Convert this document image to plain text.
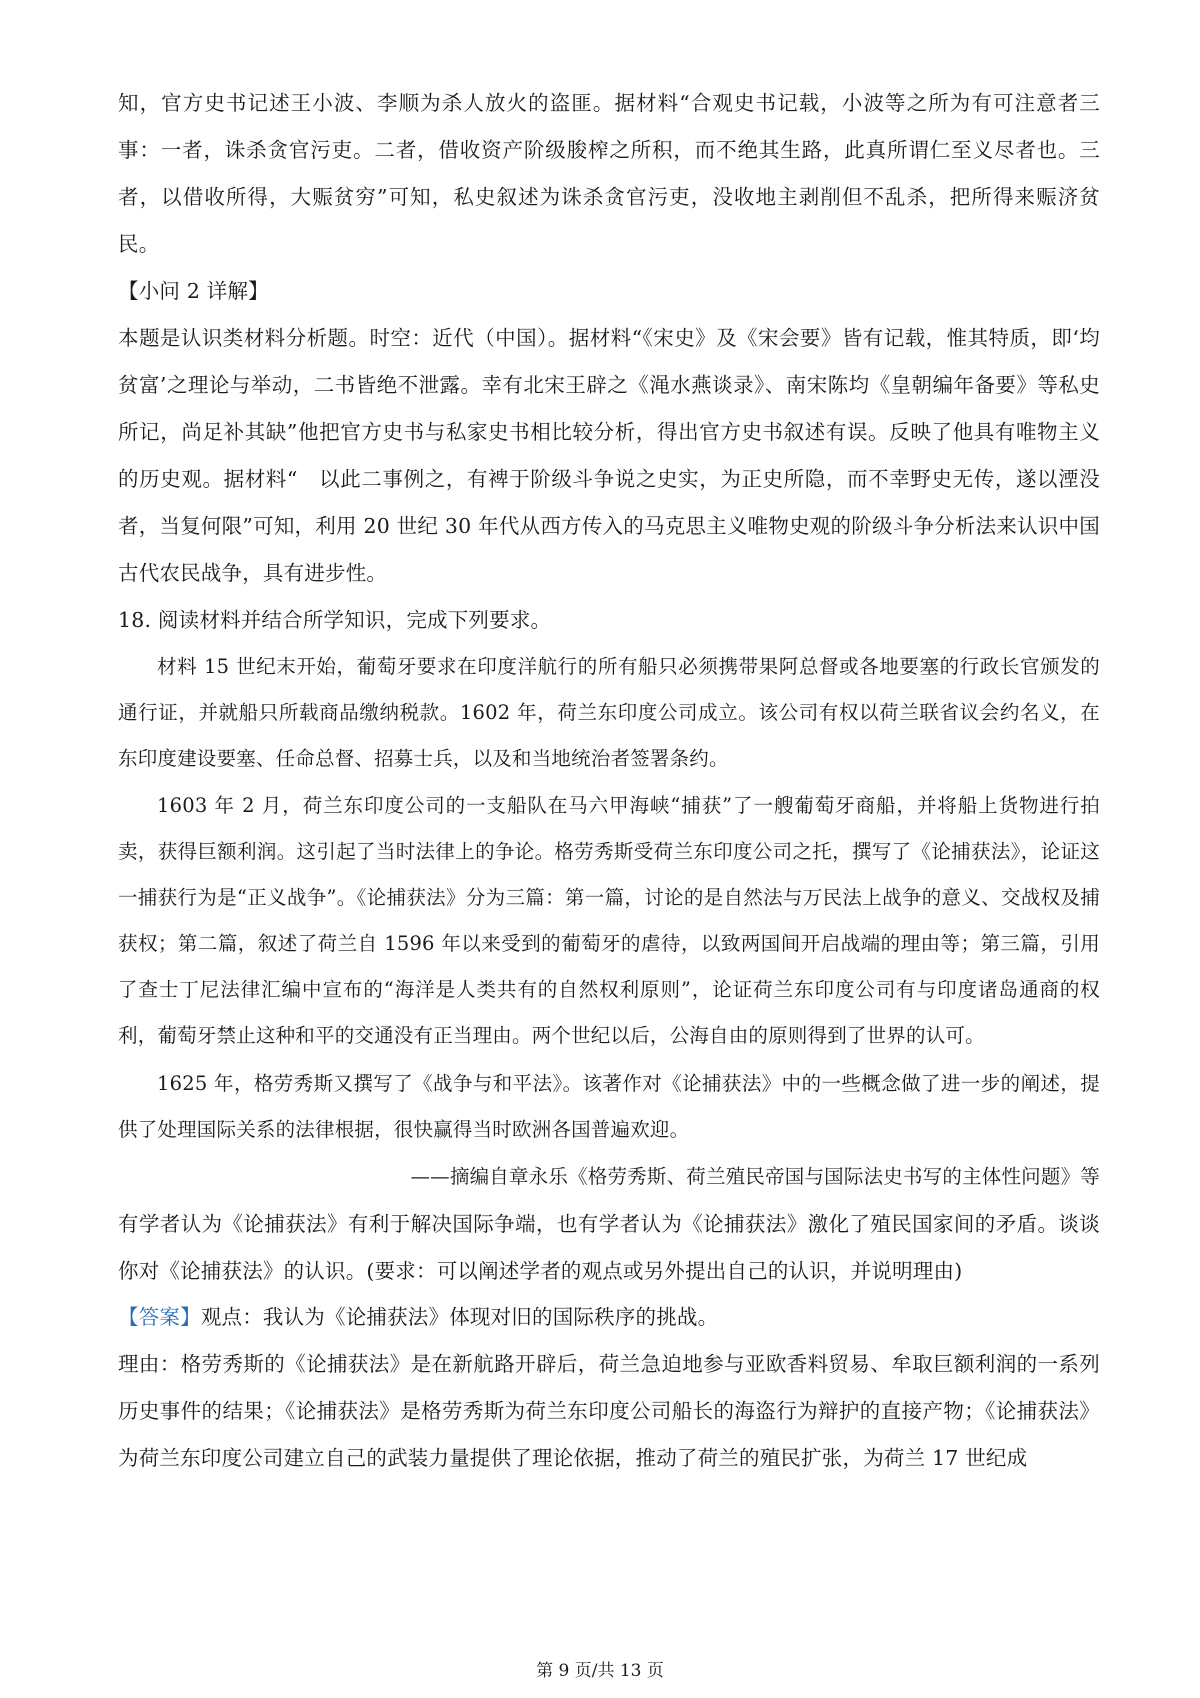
知，官方史书记述王小波、李顺为杀人放火的盗匪。据材料“合观史书记载，小波等之所为有可注意者三事：一者，诛杀贪官污吏。二者，借收资产阶级朘榨之所积，而不绝其生路，此真所谓仁至义尽者也。三者，以借收所得，大赈贫穷”可知，私史叙述为诛杀贪官污吏，没收地主剥削但不乱杀，把所得来赈济贫民。

【小问 2 详解】

本题是认识类材料分析题。时空：近代（中国）。据材料“《宋史》及《宋会要》皆有记载，惟其特质，即‘均贫富’之理论与举动，二书皆绝不泄露。幸有北宋王辟之《渑水燕谈录》、南宋陈均《皇朝编年备要》等私史所记，尚足补其缺”他把官方史书与私家史书相比较分析，得出官方史书叙述有误。反映了他具有唯物主义的历史观。据材料“　以此二事例之，有裨于阶级斗争说之史实，为正史所隐，而不幸野史无传，遂以湮没者，当复何限”可知，利用 20 世纪 30 年代从西方传入的马克思主义唯物史观的阶级斗争分析法来认识中国古代农民战争，具有进步性。

18. 阅读材料并结合所学知识，完成下列要求。

材料 15 世纪末开始，葡萄牙要求在印度洋航行的所有船只必须携带果阿总督或各地要塞的行政长官颁发的通行证，并就船只所载商品缴纳税款。1602 年，荷兰东印度公司成立。该公司有权以荷兰联省议会约名义，在东印度建设要塞、任命总督、招募士兵，以及和当地统治者签署条约。

1603 年 2 月，荷兰东印度公司的一支船队在马六甲海峡“捕获”了一艘葡萄牙商船，并将船上货物进行拍卖，获得巨额利润。这引起了当时法律上的争论。格劳秀斯受荷兰东印度公司之托，撰写了《论捕获法》，论证这一捕获行为是“正义战争”。《论捕获法》分为三篇：第一篇，讨论的是自然法与万民法上战争的意义、交战权及捕获权；第二篇，叙述了荷兰自 1596 年以来受到的葡萄牙的虐待，以致两国间开启战端的理由等；第三篇，引用了查士丁尼法律汇编中宣布的“海洋是人类共有的自然权利原则”，论证荷兰东印度公司有与印度诸岛通商的权利，葡萄牙禁止这种和平的交通没有正当理由。两个世纪以后，公海自由的原则得到了世界的认可。

1625 年，格劳秀斯又撰写了《战争与和平法》。该著作对《论捕获法》中的一些概念做了进一步的阐述，提供了处理国际关系的法律根据，很快赢得当时欧洲各国普遍欢迎。

——摘编自章永乐《格劳秀斯、荷兰殖民帝国与国际法史书写的主体性问题》等

有学者认为《论捕获法》有利于解决国际争端，也有学者认为《论捕获法》激化了殖民国家间的矛盾。谈谈你对《论捕获法》的认识。(要求：可以阐述学者的观点或另外提出自己的认识，并说明理由)

【答案】观点：我认为《论捕获法》体现对旧的国际秩序的挑战。

理由：格劳秀斯的《论捕获法》是在新航路开辟后，荷兰急迫地参与亚欧香料贸易、牟取巨额利润的一系列历史事件的结果；《论捕获法》是格劳秀斯为荷兰东印度公司船长的海盗行为辩护的直接产物；《论捕获法》为荷兰东印度公司建立自己的武装力量提供了理论依据，推动了荷兰的殖民扩张，为荷兰 17 世纪成

第 9 页/共 13 页
